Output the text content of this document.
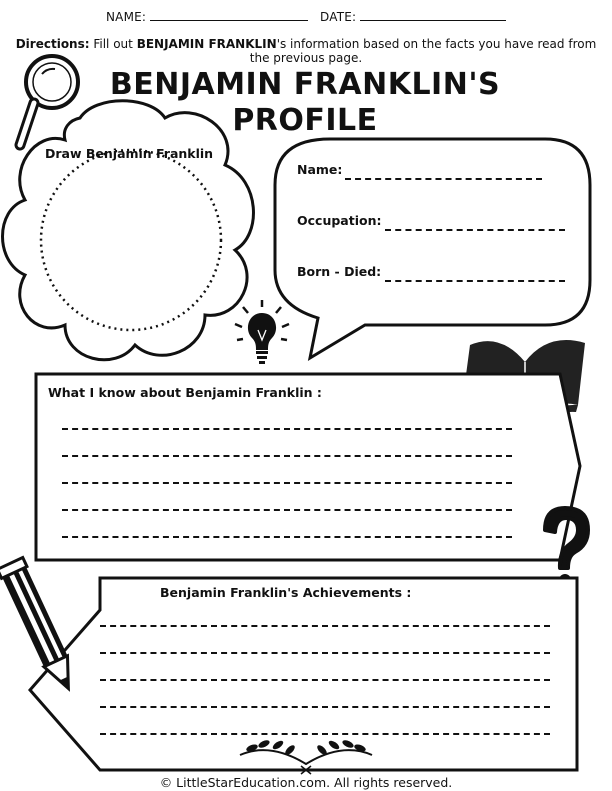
NAME:	DATE:
Directions: Fill out BENJAMIN FRANKLIN's information based on the facts you have read from the previous page.
BENJAMIN FRANKLIN'S
PROFILE
Draw Benjamin Franklin
Name:
Occupation:
Born - Died:
What I know about Benjamin Franklin :
Benjamin Franklin's Achievements :
© LittleStarEducation.com. All rights reserved.
